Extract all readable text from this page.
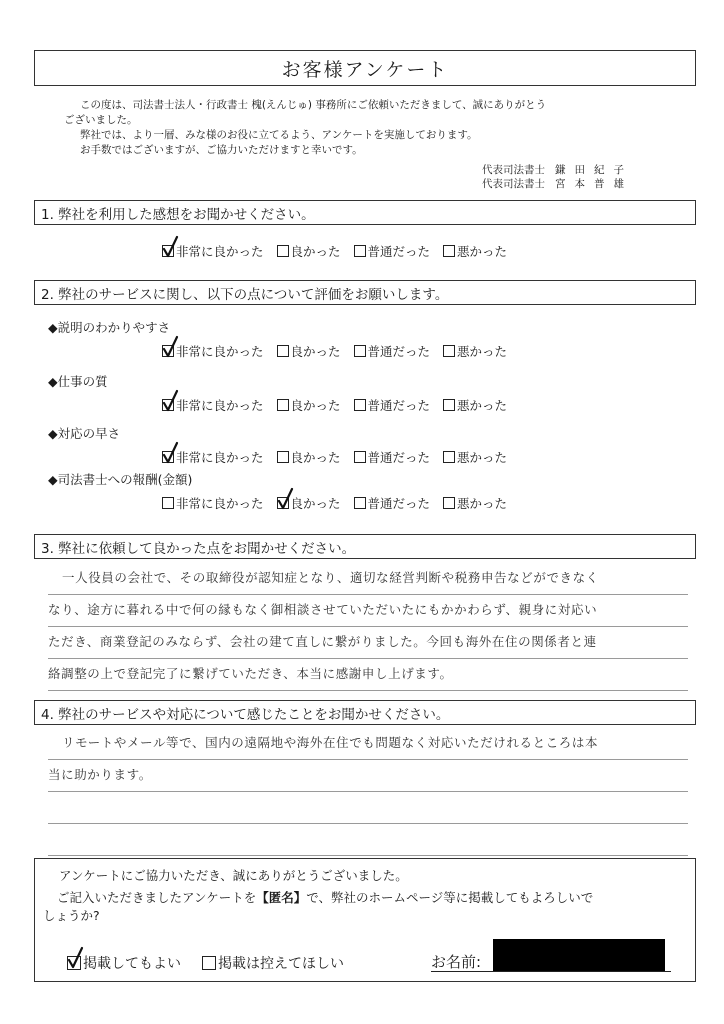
お客様アンケート

この度は、司法書士法人・行政書士 槐(えんじゅ) 事務所にご依頼いただきまして、誠にありがとう

ございました。

弊社では、より一層、みな様のお役に立てるよう、アンケートを実施しております。

お手数ではございますが、ご協力いただけますと幸いです。

代表司法書士 鎌田紀子
代表司法書士 宮本普雄
1. 弊社を利用した感想をお聞かせください。
非常に良かった 良かった 普通だった 悪かった
2. 弊社のサービスに関し、以下の点について評価をお願いします。
◆説明のわかりやすさ
非常に良かった 良かった 普通だった 悪かった
◆仕事の質
非常に良かった 良かった 普通だった 悪かった
◆対応の早さ
非常に良かった 良かった 普通だった 悪かった
◆司法書士への報酬(金額)
非常に良かった 良かった 普通だった 悪かった
3. 弊社に依頼して良かった点をお聞かせください。
一人役員の会社で、その取締役が認知症となり、適切な経営判断や税務申告などができなく
なり、途方に暮れる中で何の縁もなく御相談させていただいたにもかかわらず、親身に対応い
ただき、商業登記のみならず、会社の建て直しに繋がりました。今回も海外在住の関係者と連
絡調整の上で登記完了に繋げていただき、本当に感謝申し上げます。
4. 弊社のサービスや対応について感じたことをお聞かせください。
リモートやメール等で、国内の遠隔地や海外在住でも問題なく対応いただけれるところは本
当に助かります。
アンケートにご協力いただき、誠にありがとうございました。
ご記入いただきましたアンケートを【匿名】で、弊社のホームページ等に掲載してもよろしいで
しょうか?
掲載してもよい	掲載は控えてほしい	お名前:
